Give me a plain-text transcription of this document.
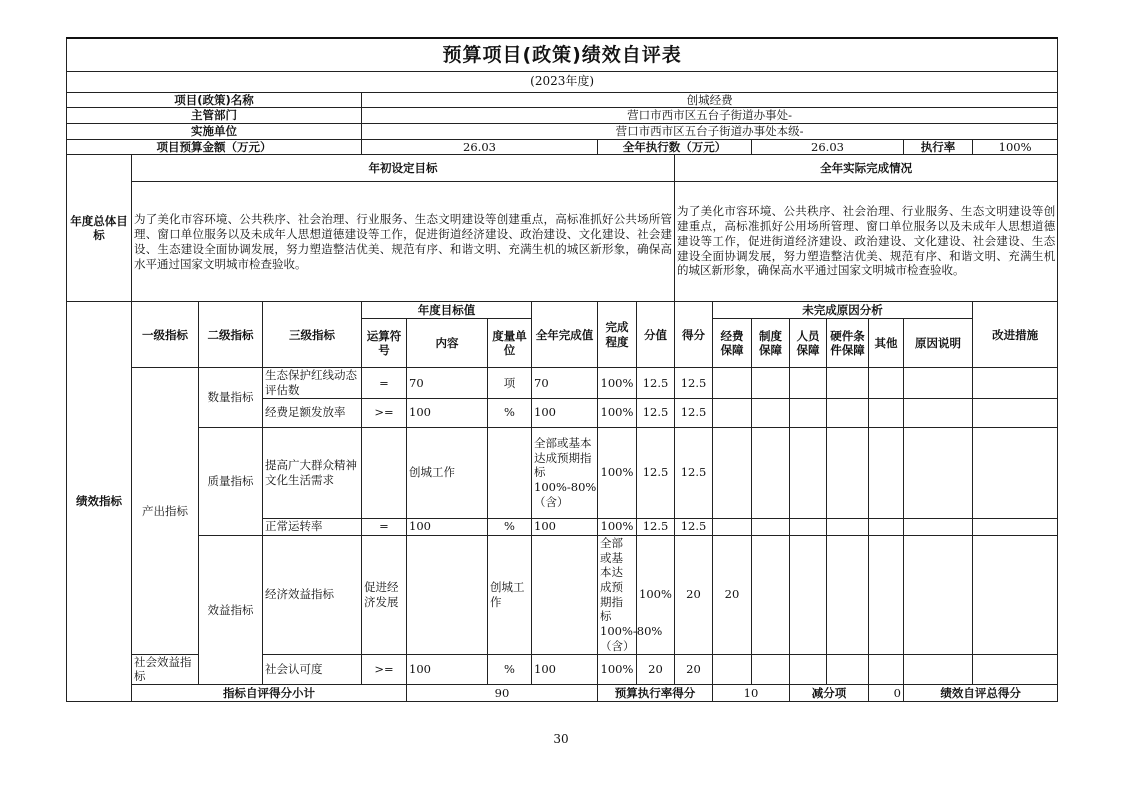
预算项目(政策)绩效自评表																		
(2023年度)																		
项目(政策)名称				创城经费														
主管部门				营口市西市区五台子街道办事处-														
实施单位				营口市西市区五台子街道办事处本级-														
项目预算金额（万元）				26.03				全年执行数（万元）				26.03				执行率	100%	
年度总体目标	年初设定目标									全年实际完成情况								
	为了美化市容环境、公共秩序、社会治理、行业服务、生态文明建设等创建重点，高标准抓好公共场所管理、窗口单位服务以及未成年人思想道德建设等工作，促进街道经济建设、政治建设、文化建设、社会建设、生态建设全面协调发展，努力塑造整洁优美、规范有序、和谐文明、充满生机的城区新形象，确保高水平通过国家文明城市检查验收。									为了美化市容环境、公共秩序、社会治理、行业服务、生态文明建设等创建重点，高标准抓好公用场所管理、窗口单位服务以及未成年人思想道德建设等工作，促进街道经济建设、政治建设、文化建设、社会建设、生态建设全面协调发展，努力塑造整洁优美、规范有序、和谐文明、充满生机的城区新形象，确保高水平通过国家文明城市检查验收。								
绩效指标	一级指标	二级指标	三级指标	年度目标值			全年完成值	完成程度	分值	得分	未完成原因分析						改进措施	
				运算符号	内容	度量单位					经费保障	制度保障	人员保障	硬件条件保障	其他	原因说明		

	产出指标	数量指标	生态保护红线动态评估数	=	70	项	70	100%	12.5	12.5								
			经费足额发放率	>=	100	%	100	100%	12.5	12.5								
		质量指标	提高广大群众精神文化生活需求		创城工作		全部或基本达成预期指标100%-80%（含）	100%	12.5	12.5								
			正常运转率	=	100	%	100	100%	12.5	12.5								
		效益指标	经济效益指标	促进经济发展		创城工作		全部或基本达成预期指标100%-80%（含）	100%	20	20							
	社会效益指标		社会认可度	>=	100	%	100	100%	20	20								
	指标自评得分小计				90			预算执行率得分			10		减分项		0	绩效自评总得分	
30
